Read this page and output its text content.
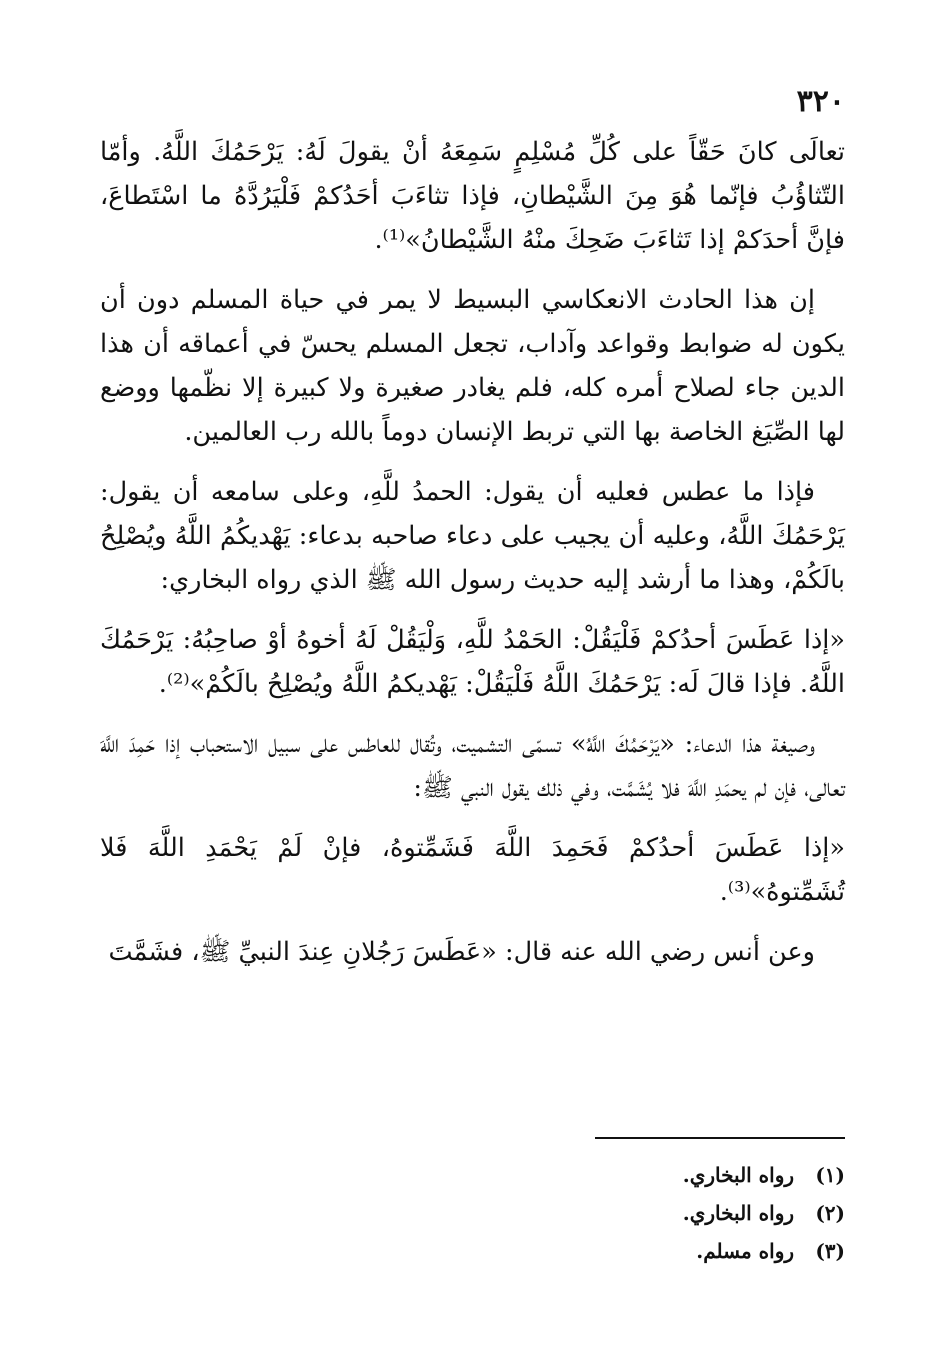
٣٢٠

تعالَى كانَ حَقّاً على كُلِّ مُسْلِمٍ سَمِعَهُ أنْ يقولَ لَهُ: يَرْحَمُكَ اللَّهُ. وأمّا التّثاؤُبُ فإنّما هُوَ مِنَ الشَّيْطانِ، فإذا تثاءَبَ أحَدُكمْ فَلْيَرُدَّهُ ما اسْتَطاعَ، فإنَّ أحدَكمْ إذا تَثاءَبَ ضَحِكَ منْهُ الشَّيْطانُ»⁽¹⁾.

إن هذا الحادث الانعكاسي البسيط لا يمر في حياة المسلم دون أن يكون له ضوابط وقواعد وآداب، تجعل المسلم يحسّ في أعماقه أن هذا الدين جاء لصلاح أمره كله، فلم يغادر صغيرة ولا كبيرة إلا نظّمها ووضع لها الصِّيَغ الخاصة بها التي تربط الإنسان دوماً بالله رب العالمين.

فإذا ما عطس فعليه أن يقول: الحمدُ للَّهِ، وعلى سامعه أن يقول: يَرْحَمُكَ اللَّهُ، وعليه أن يجيب على دعاء صاحبه بدعاء: يَهْديكُمُ اللَّهُ ويُصْلِحُ بالَكُمْ، وهذا ما أرشد إليه حديث رسول الله ﷺ الذي رواه البخاري:

«إذا عَطَسَ أحدُكمْ فَلْيَقُلْ: الحَمْدُ للَّهِ، وَلْيَقُلْ لَهُ أخوهُ أوْ صاحِبُهُ: يَرْحَمُكَ اللَّهُ. فإذا قالَ لَه: يَرْحَمُكَ اللَّهُ فَلْيَقُلْ: يَهْديكمُ اللَّهُ ويُصْلِحُ بالَكُمْ»⁽²⁾.

وصيغة هذا الدعاء: «يَرْحَمُكَ اللَّهُ» تسمّى التشميت، وتُقال للعاطس على سبيل الاستحباب إذا حَمِدَ اللَّهَ تعالى، فإن لم يحمَدِ اللَّهَ فلا يُشَمَّت، وفي ذلك يقول النبي ﷺ:

«إذا عَطَسَ أحدُكمْ فَحَمِدَ اللَّهَ فَشَمِّتوهُ، فإنْ لَمْ يَحْمَدِ اللَّهَ فَلا تُشَمِّتوهُ»⁽³⁾.

وعن أنس رضي الله عنه قال: «عَطَسَ رَجُلانِ عِندَ النبيِّ ﷺ، فشَمَّتَ

(١) رواه البخاري.
(٢) رواه البخاري.
(٣) رواه مسلم.
